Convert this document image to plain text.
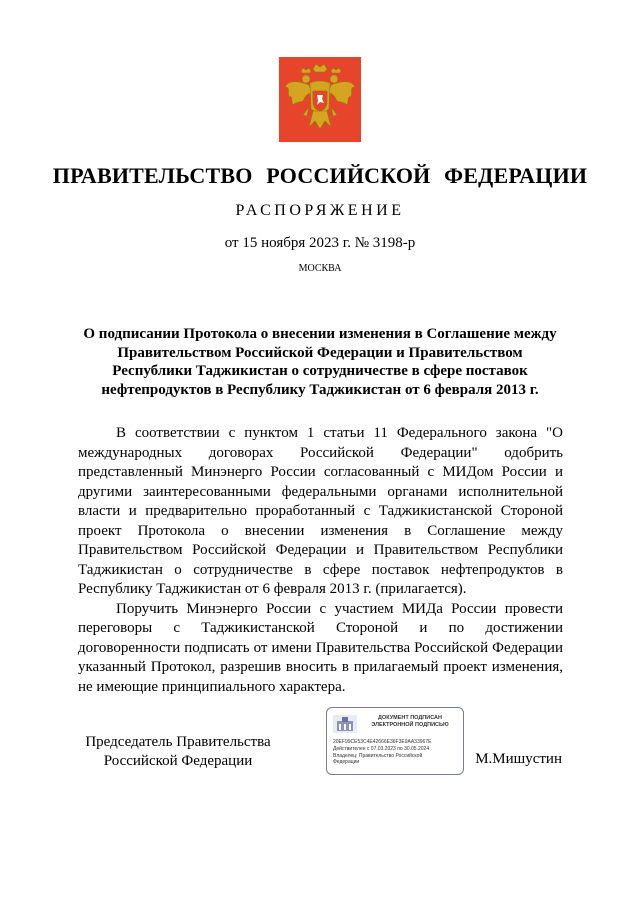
ПРАВИТЕЛЬСТВО РОССИЙСКОЙ ФЕДЕРАЦИИ
РАСПОРЯЖЕНИЕ
от 15 ноября 2023 г. № 3198-р
МОСКВА
О подписании Протокола о внесении изменения в Соглашение между Правительством Российской Федерации и Правительством Республики Таджикистан о сотрудничестве в сфере поставок нефтепродуктов в Республику Таджикистан от 6 февраля 2013 г.

В соответствии с пунктом 1 статьи 11 Федерального закона "О международных договорах Российской Федерации" одобрить представленный Минэнерго России согласованный с МИДом России и другими заинтересованными федеральными органами исполнительной власти и предварительно проработанный с Таджикистанской Стороной проект Протокола о внесении изменения в Соглашение между Правительством Российской Федерации и Правительством Республики Таджикистан о сотрудничестве в сфере поставок нефтепродуктов в Республику Таджикистан от 6 февраля 2013 г. (прилагается).

Поручить Минэнерго России с участием МИДа России провести переговоры с Таджикистанской Стороной и по достижении договоренности подписать от имени Правительства Российской Федерации указанный Протокол, разрешив вносить в прилагаемый проект изменения, не имеющие принципиального характера.

Председатель Правительства
Российской Федерации
ДОКУМЕНТ ПОДПИСАН
ЭЛЕКТРОННОЙ ПОДПИСЬЮ
20EF99CE53C4E42666E36F3E9AA33967E
Действителен с 07.03.2023 по 30.05.2024
Владелец: Правительство Российской
Федерации	М.Мишустин
